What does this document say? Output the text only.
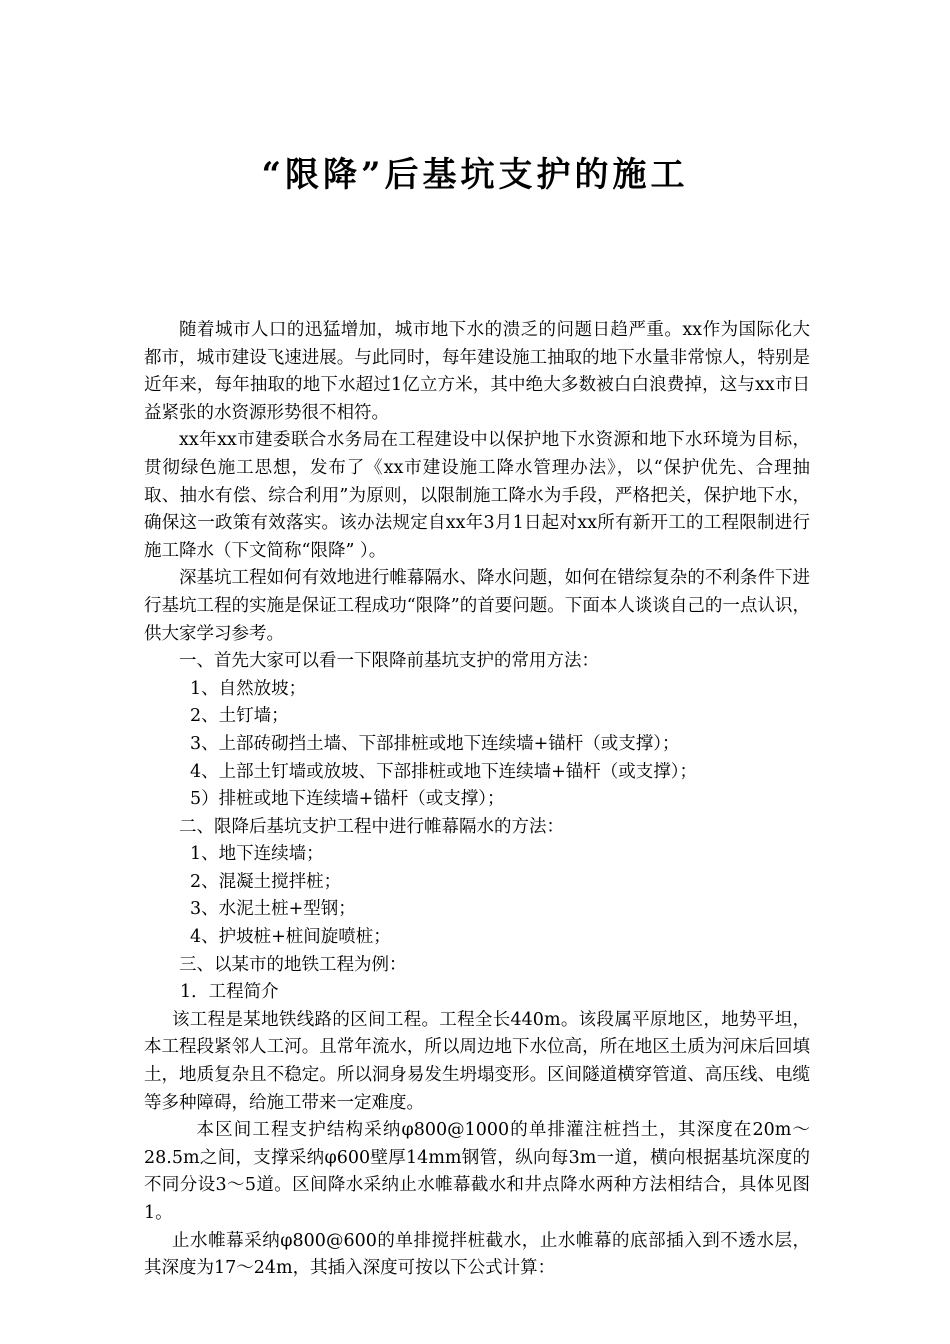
“限降”后基坑支护的施工

随着城市人口的迅猛增加，城市地下水的溃乏的问题日趋严重。xx作为国际化大都市，城市建设飞速进展。与此同时，每年建设施工抽取的地下水量非常惊人，特别是近年来，每年抽取的地下水超过1亿立方米，其中绝大多数被白白浪费掉，这与xx市日益紧张的水资源形势很不相符。

xx年xx市建委联合水务局在工程建设中以保护地下水资源和地下水环境为目标，贯彻绿色施工思想，发布了《xx市建设施工降水管理办法》，以“保护优先、合理抽取、抽水有偿、综合利用”为原则，以限制施工降水为手段，严格把关，保护地下水，确保这一政策有效落实。该办法规定自xx年3月1日起对xx所有新开工的工程限制进行施工降水（下文简称“限降” ）。

深基坑工程如何有效地进行帷幕隔水、降水问题，如何在错综复杂的不利条件下进行基坑工程的实施是保证工程成功“限降”的首要问题。下面本人谈谈自己的一点认识，供大家学习参考。

一、首先大家可以看一下限降前基坑支护的常用方法：

1、自然放坡；

2、土钉墙；

3、上部砖砌挡土墙、下部排桩或地下连续墙+锚杆（或支撑）；

4、上部土钉墙或放坡、下部排桩或地下连续墙+锚杆（或支撑）；

5）排桩或地下连续墙+锚杆（或支撑）；

二、限降后基坑支护工程中进行帷幕隔水的方法：

1、地下连续墙；

2、混凝土搅拌桩；

3、水泥土桩+型钢；

4、护坡桩+桩间旋喷桩；

三、以某市的地铁工程为例：

1．工程简介

该工程是某地铁线路的区间工程。工程全长440m。该段属平原地区，地势平坦，本工程段紧邻人工河。且常年流水，所以周边地下水位高，所在地区土质为河床后回填土，地质复杂且不稳定。所以洞身易发生坍塌变形。区间隧道横穿管道、高压线、电缆等多种障碍，给施工带来一定难度。

本区间工程支护结构采纳φ800@1000的单排灌注桩挡土，其深度在20m～28.5m之间，支撑采纳φ600壁厚14mm钢管，纵向每3m一道，横向根据基坑深度的不同分设3～5道。区间降水采纳止水帷幕截水和井点降水两种方法相结合，具体见图1。

止水帷幕采纳φ800@600的单排搅拌桩截水，止水帷幕的底部插入到不透水层，其深度为17～24m，其插入深度可按以下公式计算：
